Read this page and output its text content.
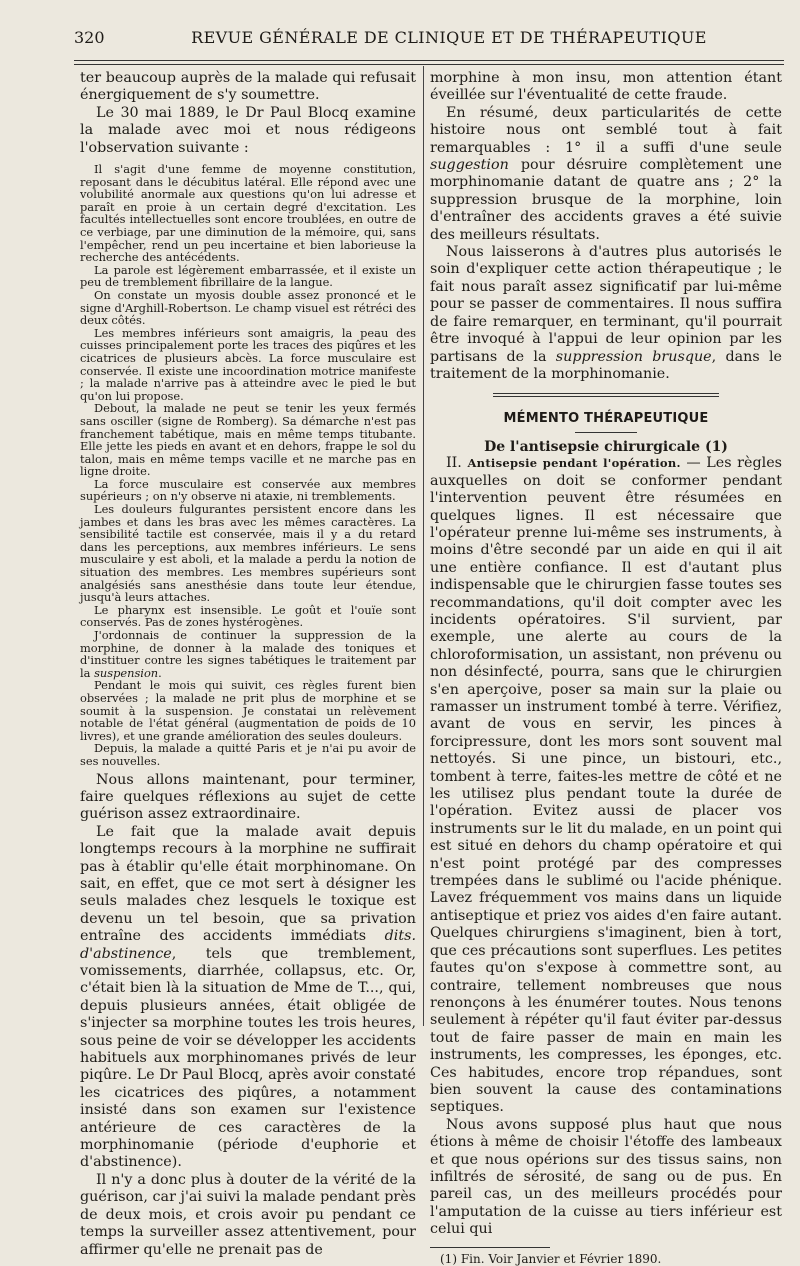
320	REVUE GÉNÉRALE DE CLINIQUE ET DE THÉRAPEUTIQUE

ter beaucoup auprès de la malade qui refusait énergiquement de s'y soumettre.

Le 30 mai 1889, le Dr Paul Blocq examine la malade avec moi et nous rédigeons l'observation suivante :

Il s'agit d'une femme de moyenne constitution, reposant dans le décubitus latéral. Elle répond avec une volubilité anormale aux questions qu'on lui adresse et paraît en proie à un certain degré d'excitation. Les facultés intellectuelles sont encore troublées, en outre de ce verbiage, par une diminution de la mémoire, qui, sans l'empêcher, rend un peu incertaine et bien laborieuse la recherche des antécédents.

La parole est légèrement embarrassée, et il existe un peu de tremblement fibrillaire de la langue.

On constate un myosis double assez prononcé et le signe d'Arghill-Robertson. Le champ visuel est rétréci des deux côtés.

Les membres inférieurs sont amaigris, la peau des cuisses principalement porte les traces des piqûres et les cicatrices de plusieurs abcès. La force musculaire est conservée. Il existe une incoordination motrice manifeste ; la malade n'arrive pas à atteindre avec le pied le but qu'on lui propose.

Debout, la malade ne peut se tenir les yeux fermés sans osciller (signe de Romberg). Sa démarche n'est pas franchement tabétique, mais en même temps titubante. Elle jette les pieds en avant et en dehors, frappe le sol du talon, mais en même temps vacille et ne marche pas en ligne droite.

La force musculaire est conservée aux membres supérieurs ; on n'y observe ni ataxie, ni tremblements.

Les douleurs fulgurantes persistent encore dans les jambes et dans les bras avec les mêmes caractères. La sensibilité tactile est conservée, mais il y a du retard dans les perceptions, aux membres inférieurs. Le sens musculaire y est aboli, et la malade a perdu la notion de situation des membres. Les membres supérieurs sont analgésiés sans anesthésie dans toute leur étendue, jusqu'à leurs attaches.

Le pharynx est insensible. Le goût et l'ouïe sont conservés. Pas de zones hystérogènes.

J'ordonnais de continuer la suppression de la morphine, de donner à la malade des toniques et d'instituer contre les signes tabétiques le traitement par la suspension.

Pendant le mois qui suivit, ces règles furent bien observées ; la malade ne prit plus de morphine et se soumit à la suspension. Je constatai un relèvement notable de l'état général (augmentation de poids de 10 livres), et une grande amélioration des seules douleurs.

Depuis, la malade a quitté Paris et je n'ai pu avoir de ses nouvelles.

Nous allons maintenant, pour terminer, faire quelques réflexions au sujet de cette guérison assez extraordinaire.

Le fait que la malade avait depuis longtemps recours à la morphine ne suffirait pas à établir qu'elle était morphinomane. On sait, en effet, que ce mot sert à désigner les seuls malades chez lesquels le toxique est devenu un tel besoin, que sa privation entraîne des accidents immédiats dits. d'abstinence, tels que tremblement, vomissements, diarrhée, collapsus, etc. Or, c'était bien là la situation de Mme de T..., qui, depuis plusieurs années, était obligée de s'injecter sa morphine toutes les trois heures, sous peine de voir se développer les accidents habituels aux morphinomanes privés de leur piqûre. Le Dr Paul Blocq, après avoir constaté les cicatrices des piqûres, a notamment insisté dans son examen sur l'existence antérieure de ces caractères de la morphinomanie (période d'euphorie et d'abstinence).

Il n'y a donc plus à douter de la vérité de la guérison, car j'ai suivi la malade pendant près de deux mois, et crois avoir pu pendant ce temps la surveiller assez attentivement, pour affirmer qu'elle ne prenait pas de

morphine à mon insu, mon attention étant éveillée sur l'éventualité de cette fraude.

En résumé, deux particularités de cette histoire nous ont semblé tout à fait remarquables : 1° il a suffi d'une seule suggestion pour désruire complètement une morphinomanie datant de quatre ans ; 2° la suppression brusque de la morphine, loin d'entraîner des accidents graves a été suivie des meilleurs résultats.

Nous laisserons à d'autres plus autorisés le soin d'expliquer cette action thérapeutique ; le fait nous paraît assez significatif par lui-même pour se passer de commentaires. Il nous suffira de faire remarquer, en terminant, qu'il pourrait être invoqué à l'appui de leur opinion par les partisans de la suppression brusque, dans le traitement de la morphinomanie.

MÉMENTO THÉRAPEUTIQUE
De l'antisepsie chirurgicale (1)

II. Antisepsie pendant l'opération. — Les règles auxquelles on doit se conformer pendant l'intervention peuvent être résumées en quelques lignes. Il est nécessaire que l'opérateur prenne lui-même ses instruments, à moins d'être secondé par un aide en qui il ait une entière confiance. Il est d'autant plus indispensable que le chirurgien fasse toutes ses recommandations, qu'il doit compter avec les incidents opératoires. S'il survient, par exemple, une alerte au cours de la chloroformisation, un assistant, non prévenu ou non désinfecté, pourra, sans que le chirurgien s'en aperçoive, poser sa main sur la plaie ou ramasser un instrument tombé à terre. Vérifiez, avant de vous en servir, les pinces à forcipressure, dont les mors sont souvent mal nettoyés. Si une pince, un bistouri, etc., tombent à terre, faites-les mettre de côté et ne les utilisez plus pendant toute la durée de l'opération. Evitez aussi de placer vos instruments sur le lit du malade, en un point qui est situé en dehors du champ opératoire et qui n'est point protégé par des compresses trempées dans le sublimé ou l'acide phénique. Lavez fréquemment vos mains dans un liquide antiseptique et priez vos aides d'en faire autant. Quelques chirurgiens s'imaginent, bien à tort, que ces précautions sont superflues. Les petites fautes qu'on s'expose à commettre sont, au contraire, tellement nombreuses que nous renonçons à les énumérer toutes. Nous tenons seulement à répéter qu'il faut éviter par-dessus tout de faire passer de main en main les instruments, les compresses, les éponges, etc. Ces habitudes, encore trop répandues, sont bien souvent la cause des contaminations septiques.

Nous avons supposé plus haut que nous étions à même de choisir l'étoffe des lambeaux et que nous opérions sur des tissus sains, non infiltrés de sérosité, de sang ou de pus. En pareil cas, un des meilleurs procédés pour l'amputation de la cuisse au tiers inférieur est celui qui

(1) Fin. Voir Janvier et Février 1890.
